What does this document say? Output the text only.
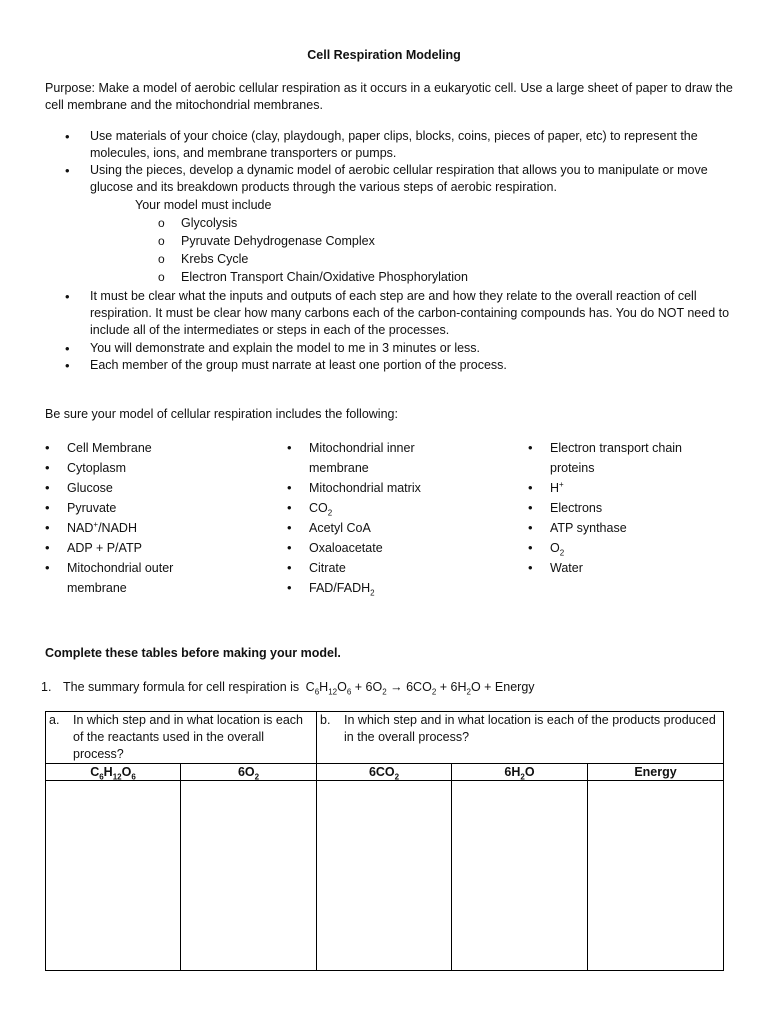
Cell Respiration Modeling
Purpose: Make a model of aerobic cellular respiration as it occurs in a eukaryotic cell. Use a large sheet of paper to draw the cell membrane and the mitochondrial membranes.
•	Use materials of your choice (clay, playdough, paper clips, blocks, coins, pieces of paper, etc) to represent the molecules, ions, and membrane transporters or pumps.
•	Using the pieces, develop a dynamic model of aerobic cellular respiration that allows you to manipulate or move glucose and its breakdown products through the various steps of aerobic respiration.
Your model must include
o Glycolysis
o Pyruvate Dehydrogenase Complex
o Krebs Cycle
o Electron Transport Chain/Oxidative Phosphorylation
•	It must be clear what the inputs and outputs of each step are and how they relate to the overall reaction of cell respiration. It must be clear how many carbons each of the carbon-containing compounds has. You do NOT need to include all of the intermediates or steps in each of the processes.
•	You will demonstrate and explain the model to me in 3 minutes or less.
•	Each member of the group must narrate at least one portion of the process.
Be sure your model of cellular respiration includes the following:
• Cell Membrane
• Cytoplasm
• Glucose
• Pyruvate
• NAD+/NADH
• ADP + P/ATP
• Mitochondrial outer
membrane
• Mitochondrial inner
membrane
• Mitochondrial matrix
• $CO_2$
• Acetyl CoA
• Oxaloacetate
• Citrate
• FAD/$FADH_2$
• Electron transport chain
proteins
• H+
• Electrons
• ATP synthase
• $O_2$
• Water
Complete these tables before making your model.
1. The summary formula for cell respiration is $C_6H_{12}O_6 + 6O_2 \to 6CO_2 + 6H_2O$ + Energy
a. In which step and in what location is each of the reactants used in the overall process?		b. In which step and in what location is each of the products produced in the overall process?		

$C_6H_{12}O_6$	$6O_2$	$6CO_2$	$6H_2O$	Energy
